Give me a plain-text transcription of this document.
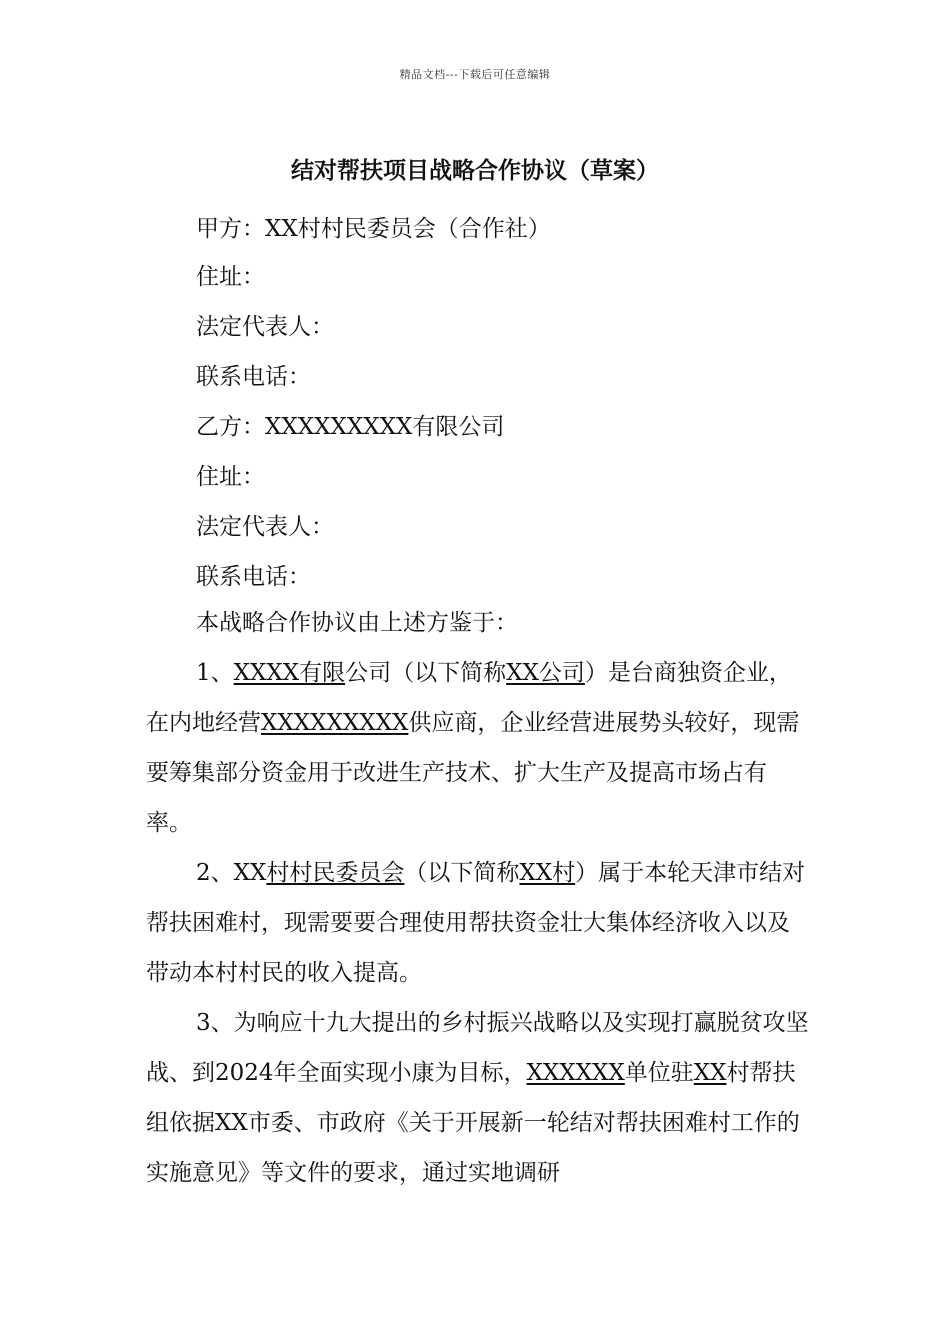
精品文档---下载后可任意编辑
结对帮扶项目战略合作协议（草案）
甲方：XX村村民委员会（合作社）
住址：
法定代表人：
联系电话：
乙方：XXXXXXXXX有限公司
住址：
法定代表人：
联系电话：
本战略合作协议由上述方鉴于：

1、XXXX有限公司（以下简称XX公司）是台商独资企业，在内地经营XXXXXXXXX供应商，企业经营进展势头较好，现需要筹集部分资金用于改进生产技术、扩大生产及提高市场占有率。

2、XX村村民委员会（以下简称XX村）属于本轮天津市结对帮扶困难村，现需要要合理使用帮扶资金壮大集体经济收入以及带动本村村民的收入提高。

3、为响应十九大提出的乡村振兴战略以及实现打赢脱贫攻坚战、到2024年全面实现小康为目标，XXXXXX单位驻XX村帮扶组依据XX市委、市政府《关于开展新一轮结对帮扶困难村工作的实施意见》等文件的要求，通过实地调研
